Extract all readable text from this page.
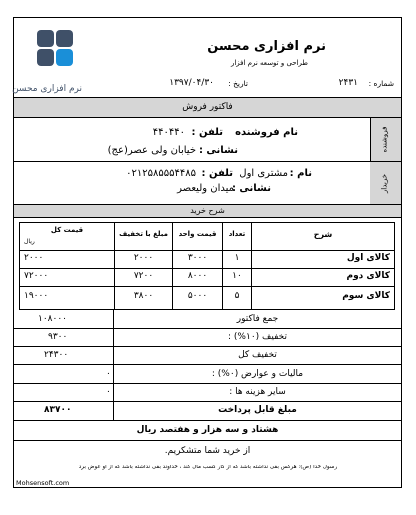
نرم افزاری محسن
نرم افزاری محسن
طراحی و توسعه نرم افزار
شماره :
۲۴۳۱
تاریخ :
۱۳۹۷/۰۴/۳۰
فاکتور فروش
فروشنده
نام فروشنده
تلفن :
۴۴۰۴۴۰
نشانی :
خیابان ولی عصر(عج)
خریدار
نام :
مشتری اول
تلفن :
۰۲۱۲۵۸۵۵۵۴۴۸۵
نشانی :
میدان ولیعصر
شرح خرید
شرح
تعداد
قیمت واحد
مبلغ با تخفیف
قیمت کل
ریال
کالای اول
۱
۳۰۰۰
۲۰۰۰
۲۰۰۰
کالای دوم
۱۰
۸۰۰۰
۷۲۰۰
۷۲۰۰۰
کالای سوم
۵
۵۰۰۰
۳۸۰۰
۱۹۰۰۰
جمع فاکتور
۱۰۸۰۰۰
تخفیف (۱۰%) :
۹۳۰۰
تخفیف کل
۲۴۳۰۰
مالیات و عوارض (۰%) :
۰
سایر هزینه ها :
۰
مبلغ قابل پرداخت
۸۳۷۰۰
هشتاد و سه هزار و هفتصد ریال
از خرید شما متشکریم.
رسول خدا (ص): هرکس بفی نداشته باشد که از کار کسب مال کند ، خداوند بفی نداشته باشد که از او عوض برد
Mohsensoft.com
